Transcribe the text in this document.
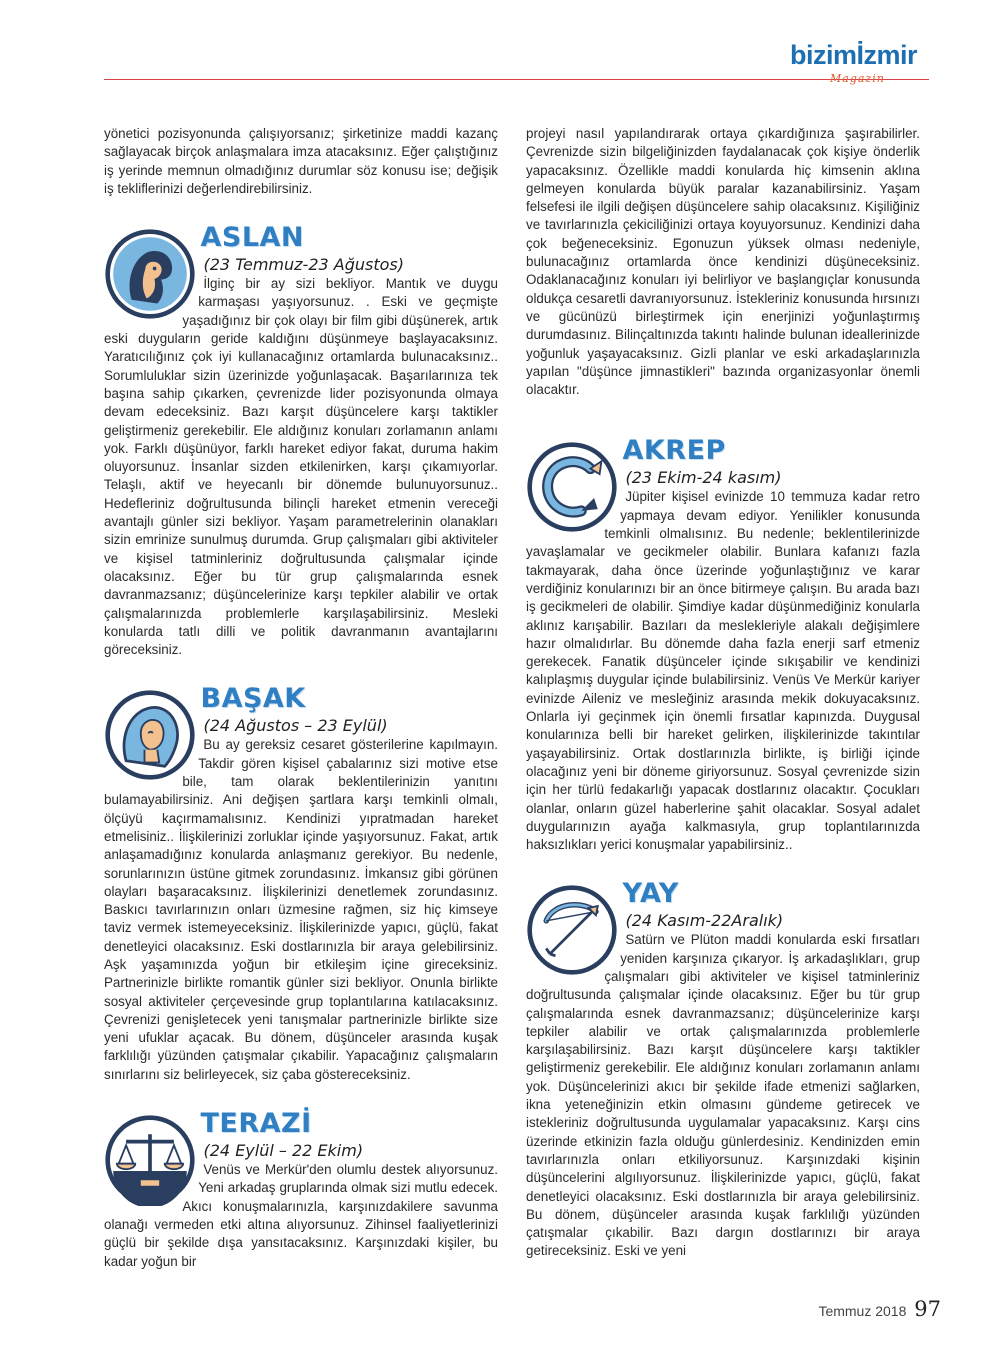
bizimİzmir
Magazin

yönetici pozisyonunda çalışıyorsanız; şirketinize maddi kazanç sağlayacak birçok anlaşmalara imza atacaksınız. Eğer çalıştığınız iş yerinde memnun olmadığınız durumlar söz konusu ise; değişik iş tekliflerinizi değerlendirebilirsiniz.

ASLAN
(23 Temmuz-23 Ağustos)

İlginç bir ay sizi bekliyor. Mantık ve duygu karmaşası yaşıyorsunuz. . Eski ve geçmişte yaşadığınız bir çok olayı bir film gibi düşünerek, artık eski duyguların geride kaldığını düşünmeye başlayacaksınız. Yaratıcılığınız çok iyi kullanacağınız ortamlarda bulunacaksınız.. Sorumluluklar sizin üzerinizde yoğunlaşacak. Başarılarınıza tek başına sahip çıkarken, çevrenizde lider pozisyonunda olmaya devam edeceksiniz. Bazı karşıt düşüncelere karşı taktikler geliştirmeniz gerekebilir. Ele aldığınız konuları zorlamanın anlamı yok. Farklı düşünüyor, farklı hareket ediyor fakat, duruma hakim oluyorsunuz. İnsanlar sizden etkilenirken, karşı çıkamıyorlar. Telaşlı, aktif ve heyecanlı bir dönemde bulunuyorsunuz.. Hedefleriniz doğrultusunda bilinçli hareket etmenin vereceği avantajlı günler sizi bekliyor. Yaşam parametrelerinin olanakları sizin emrinize sunulmuş durumda. Grup çalışmaları gibi aktiviteler ve kişisel tatminleriniz doğrultusunda çalışmalar içinde olacaksınız. Eğer bu tür grup çalışmalarında esnek davranmazsanız; düşüncelerinize karşı tepkiler alabilir ve ortak çalışmalarınızda problemlerle karşılaşabilirsiniz. Mesleki konularda tatlı dilli ve politik davranmanın avantajlarını göreceksiniz.

BAŞAK
(24 Ağustos – 23 Eylül)

Bu ay gereksiz cesaret gösterilerine kapılmayın. Takdir gören kişisel çabalarınız sizi motive etse bile, tam olarak beklentilerinizin yanıtını bulamayabilirsiniz. Ani değişen şartlara karşı temkinli olmalı, ölçüyü kaçırmamalısınız. Kendinizi yıpratmadan hareket etmelisiniz.. İlişkilerinizi zorluklar içinde yaşıyorsunuz. Fakat, artık anlaşamadığınız konularda anlaşmanız gerekiyor. Bu nedenle, sorunlarınızın üstüne gitmek zorundasınız. İmkansız gibi görünen olayları başaracaksınız. İlişkilerinizi denetlemek zorundasınız. Baskıcı tavırlarınızın onları üzmesine rağmen, siz hiç kimseye taviz vermek istemeyeceksiniz. İlişkilerinizde yapıcı, güçlü, fakat denetleyici olacaksınız. Eski dostlarınızla bir araya gelebilirsiniz. Aşk yaşamınızda yoğun bir etkileşim içine gireceksiniz. Partnerinizle birlikte romantik günler sizi bekliyor. Onunla birlikte sosyal aktiviteler çerçevesinde grup toplantılarına katılacaksınız. Çevrenizi genişletecek yeni tanışmalar partnerinizle birlikte size yeni ufuklar açacak. Bu dönem, düşünceler arasında kuşak farklılığı yüzünden çatışmalar çıkabilir. Yapacağınız çalışmaların sınırlarını siz belirleyecek, siz çaba göstereceksiniz.

TERAZİ
(24 Eylül – 22 Ekim)

Venüs ve Merkür'den olumlu destek alıyorsunuz. Yeni arkadaş gruplarında olmak sizi mutlu edecek. Akıcı konuşmalarınızla, karşınızdakilere savunma olanağı vermeden etki altına alıyorsunuz. Zihinsel faaliyetlerinizi güçlü bir şekilde dışa yansıtacaksınız. Karşınızdaki kişiler, bu kadar yoğun bir

projeyi nasıl yapılandırarak ortaya çıkardığınıza şaşırabilirler. Çevrenizde sizin bilgeliğinizden faydalanacak çok kişiye önderlik yapacaksınız. Özellikle maddi konularda hiç kimsenin aklına gelmeyen konularda büyük paralar kazanabilirsiniz. Yaşam felsefesi ile ilgili değişen düşüncelere sahip olacaksınız. Kişiliğiniz ve tavırlarınızla çekiciliğinizi ortaya koyuyorsunuz. Kendinizi daha çok beğeneceksiniz. Egonuzun yüksek olması nedeniyle, bulunacağınız ortamlarda önce kendinizi düşüneceksiniz. Odaklanacağınız konuları iyi belirliyor ve başlangıçlar konusunda oldukça cesaretli davranıyorsunuz. İstekleriniz konusunda hırsınızı ve gücünüzü birleştirmek için enerjinizi yoğunlaştırmış durumdasınız. Bilinçaltınızda takıntı halinde bulunan ideallerinizde yoğunluk yaşayacaksınız. Gizli planlar ve eski arkadaşlarınızla yapılan "düşünce jimnastikleri" bazında organizasyonlar önemli olacaktır.

AKREP
(23 Ekim-24 kasım)

Jüpiter kişisel evinizde 10 temmuza kadar retro yapmaya devam ediyor. Yenilikler konusunda temkinli olmalısınız. Bu nedenle; beklentilerinizde yavaşlamalar ve gecikmeler olabilir. Bunlara kafanızı fazla takmayarak, daha önce üzerinde yoğunlaştığınız ve karar verdiğiniz konularınızı bir an önce bitirmeye çalışın. Bu arada bazı iş gecikmeleri de olabilir. Şimdiye kadar düşünmediğiniz konularla aklınız karışabilir. Bazıları da meslekleriyle alakalı değişimlere hazır olmalıdırlar. Bu dönemde daha fazla enerji sarf etmeniz gerekecek. Fanatik düşünceler içinde sıkışabilir ve kendinizi kalıplaşmış duygular içinde bulabilirsiniz. Venüs Ve Merkür kariyer evinizde Aileniz ve mesleğiniz arasında mekik dokuyacaksınız. Onlarla iyi geçinmek için önemli fırsatlar kapınızda. Duygusal konularınıza belli bir hareket gelirken, ilişkilerinizde takıntılar yaşayabilirsiniz. Ortak dostlarınızla birlikte, iş birliği içinde olacağınız yeni bir döneme giriyorsunuz. Sosyal çevrenizde sizin için her türlü fedakarlığı yapacak dostlarınız olacaktır. Çocukları olanlar, onların güzel haberlerine şahit olacaklar. Sosyal adalet duygularınızın ayağa kalkmasıyla, grup toplantılarınızda haksızlıkları yerici konuşmalar yapabilirsiniz..

YAY
(24 Kasım-22Aralık)

Satürn ve Plüton maddi konularda eski fırsatları yeniden karşınıza çıkaryor. İş arkadaşlıkları, grup çalışmaları gibi aktiviteler ve kişisel tatminleriniz doğrultusunda çalışmalar içinde olacaksınız. Eğer bu tür grup çalışmalarında esnek davranmazsanız; düşüncelerinize karşı tepkiler alabilir ve ortak çalışmalarınızda problemlerle karşılaşabilirsiniz. Bazı karşıt düşüncelere karşı taktikler geliştirmeniz gerekebilir. Ele aldığınız konuları zorlamanın anlamı yok. Düşüncelerinizi akıcı bir şekilde ifade etmenizi sağlarken, ikna yeteneğinizin etkin olmasını gündeme getirecek ve istekleriniz doğrultusunda uygulamalar yapacaksınız. Karşı cins üzerinde etkinizin fazla olduğu günlerdesiniz. Kendinizden emin tavırlarınızla onları etkiliyorsunuz. Karşınızdaki kişinin düşüncelerini algılıyorsunuz. İlişkilerinizde yapıcı, güçlü, fakat denetleyici olacaksınız. Eski dostlarınızla bir araya gelebilirsiniz. Bu dönem, düşünceler arasında kuşak farklılığı yüzünden çatışmalar çıkabilir. Bazı dargın dostlarınızı bir araya getireceksiniz. Eski ve yeni

Temmuz 2018 97
